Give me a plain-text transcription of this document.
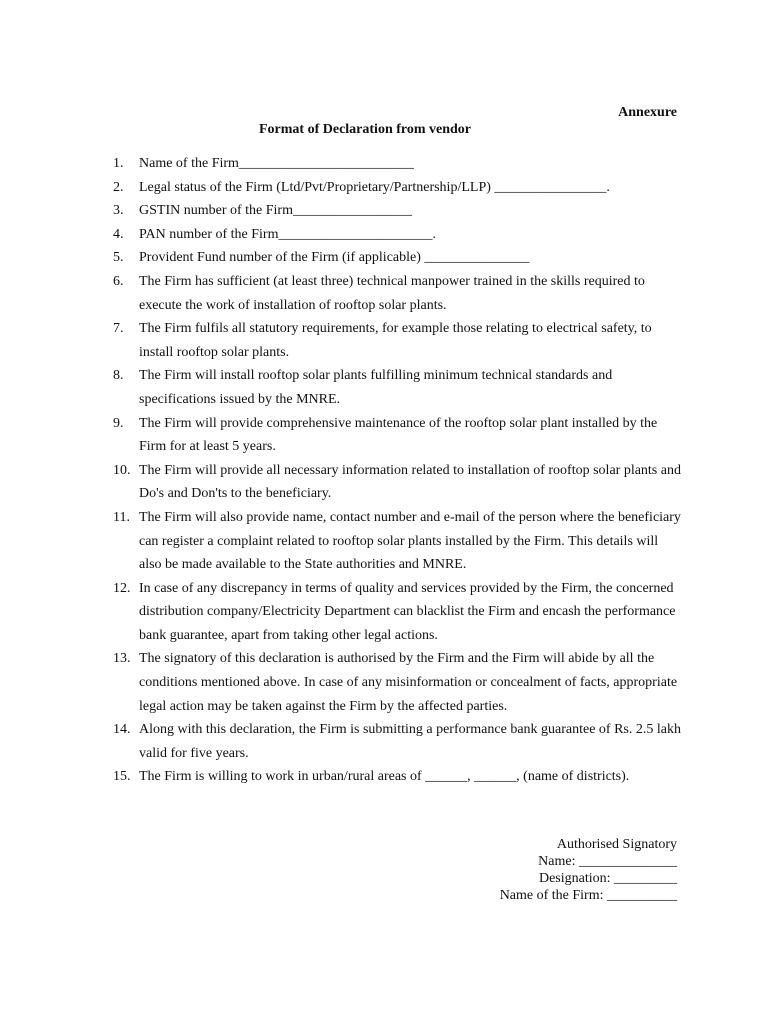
Annexure
Format of Declaration from vendor
1. Name of the Firm_________________________
2. Legal status of the Firm (Ltd/Pvt/Proprietary/Partnership/LLP) ________________.
3. GSTIN number of the Firm_________________
4. PAN number of the Firm______________________.
5. Provident Fund number of the Firm (if applicable) _______________
6. The Firm has sufficient (at least three) technical manpower trained in the skills required to execute the work of installation of rooftop solar plants.
7. The Firm fulfils all statutory requirements, for example those relating to electrical safety, to install rooftop solar plants.
8. The Firm will install rooftop solar plants fulfilling minimum technical standards and specifications issued by the MNRE.
9. The Firm will provide comprehensive maintenance of the rooftop solar plant installed by the Firm for at least 5 years.
10. The Firm will provide all necessary information related to installation of rooftop solar plants and Do's and Don'ts to the beneficiary.
11. The Firm will also provide name, contact number and e-mail of the person where the beneficiary can register a complaint related to rooftop solar plants installed by the Firm. This details will also be made available to the State authorities and MNRE.
12. In case of any discrepancy in terms of quality and services provided by the Firm, the concerned distribution company/Electricity Department can blacklist the Firm and encash the performance bank guarantee, apart from taking other legal actions.
13. The signatory of this declaration is authorised by the Firm and the Firm will abide by all the conditions mentioned above. In case of any misinformation or concealment of facts, appropriate legal action may be taken against the Firm by the affected parties.
14. Along with this declaration, the Firm is submitting a performance bank guarantee of Rs. 2.5 lakh valid for five years.
15. The Firm is willing to work in urban/rural areas of ______, ______, (name of districts).
Authorised Signatory
Name: ______________
Designation: _________
Name of the Firm: __________
